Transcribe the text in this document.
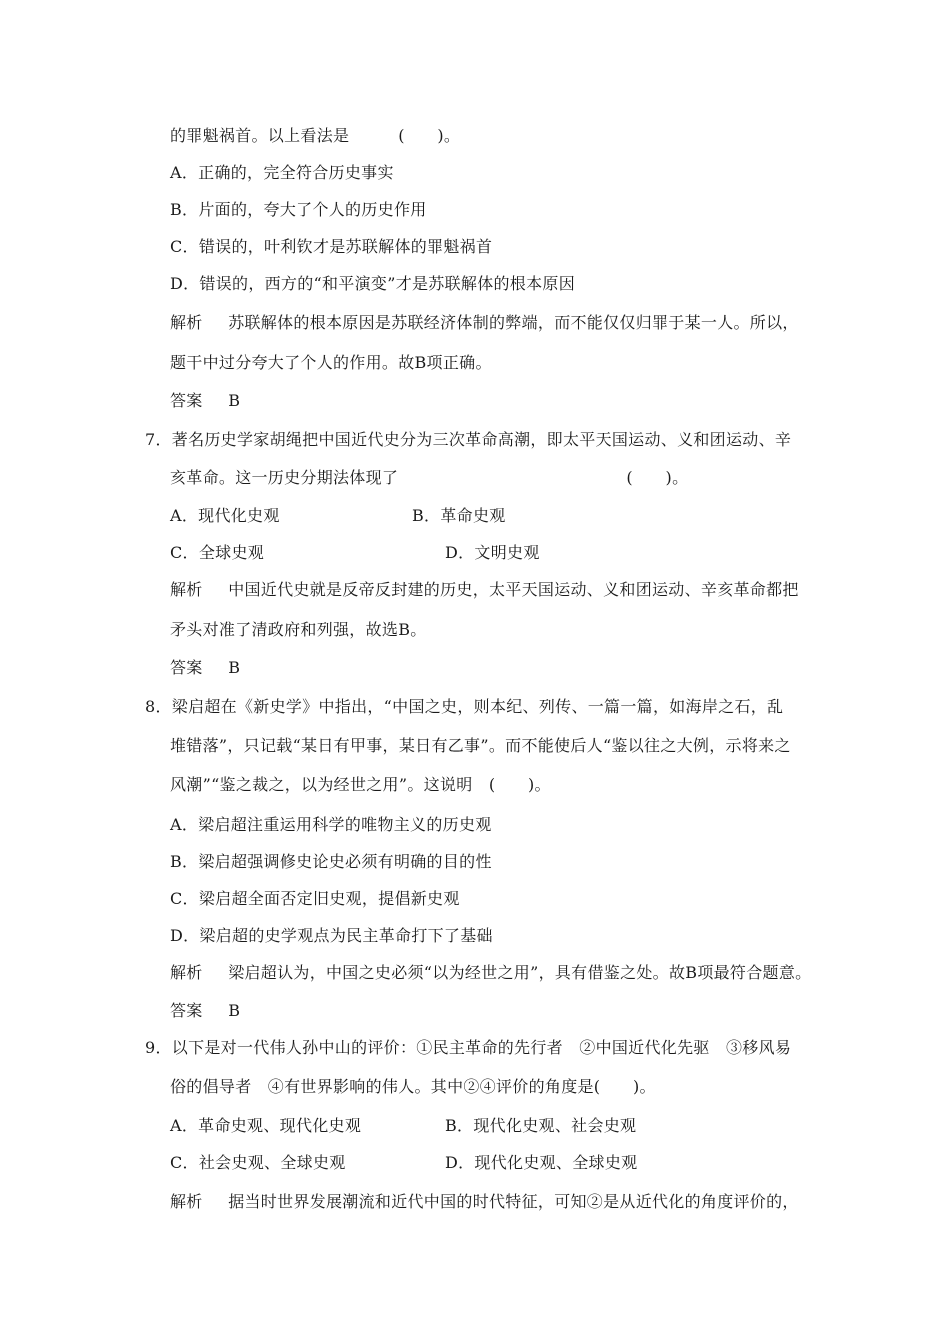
的罪魁祸首。以上看法是　　　(　　)。
A．正确的，完全符合历史事实
B．片面的，夸大了个人的历史作用
C．错误的，叶利钦才是苏联解体的罪魁祸首
D．错误的，西方的“和平演变”才是苏联解体的根本原因
解析 苏联解体的根本原因是苏联经济体制的弊端，而不能仅仅归罪于某一人。所以，
题干中过分夸大了个人的作用。故B项正确。
答案 B
7．著名历史学家胡绳把中国近代史分为三次革命高潮，即太平天国运动、义和团运动、辛
亥革命。这一历史分期法体现了　　　　　　　　　　　　　　(　　)。
A．现代化史观	B．革命史观
C．全球史观	D．文明史观
解析 中国近代史就是反帝反封建的历史，太平天国运动、义和团运动、辛亥革命都把
矛头对准了清政府和列强，故选B。
答案 B
8．梁启超在《新史学》中指出，“中国之史，则本纪、列传、一篇一篇，如海岸之石，乱
堆错落”，只记载“某日有甲事，某日有乙事”。而不能使后人“鉴以往之大例，示将来之
风潮”“鉴之裁之，以为经世之用”。这说明　(　　)。
A．梁启超注重运用科学的唯物主义的历史观
B．梁启超强调修史论史必须有明确的目的性
C．梁启超全面否定旧史观，提倡新史观
D．梁启超的史学观点为民主革命打下了基础
解析 梁启超认为，中国之史必须“以为经世之用”，具有借鉴之处。故B项最符合题意。
答案 B
9．以下是对一代伟人孙中山的评价：①民主革命的先行者　②中国近代化先驱　③移风易
俗的倡导者　④有世界影响的伟人。其中②④评价的角度是(　　)。
A．革命史观、现代化史观	B．现代化史观、社会史观
C．社会史观、全球史观	D．现代化史观、全球史观
解析 据当时世界发展潮流和近代中国的时代特征，可知②是从近代化的角度评价的，
